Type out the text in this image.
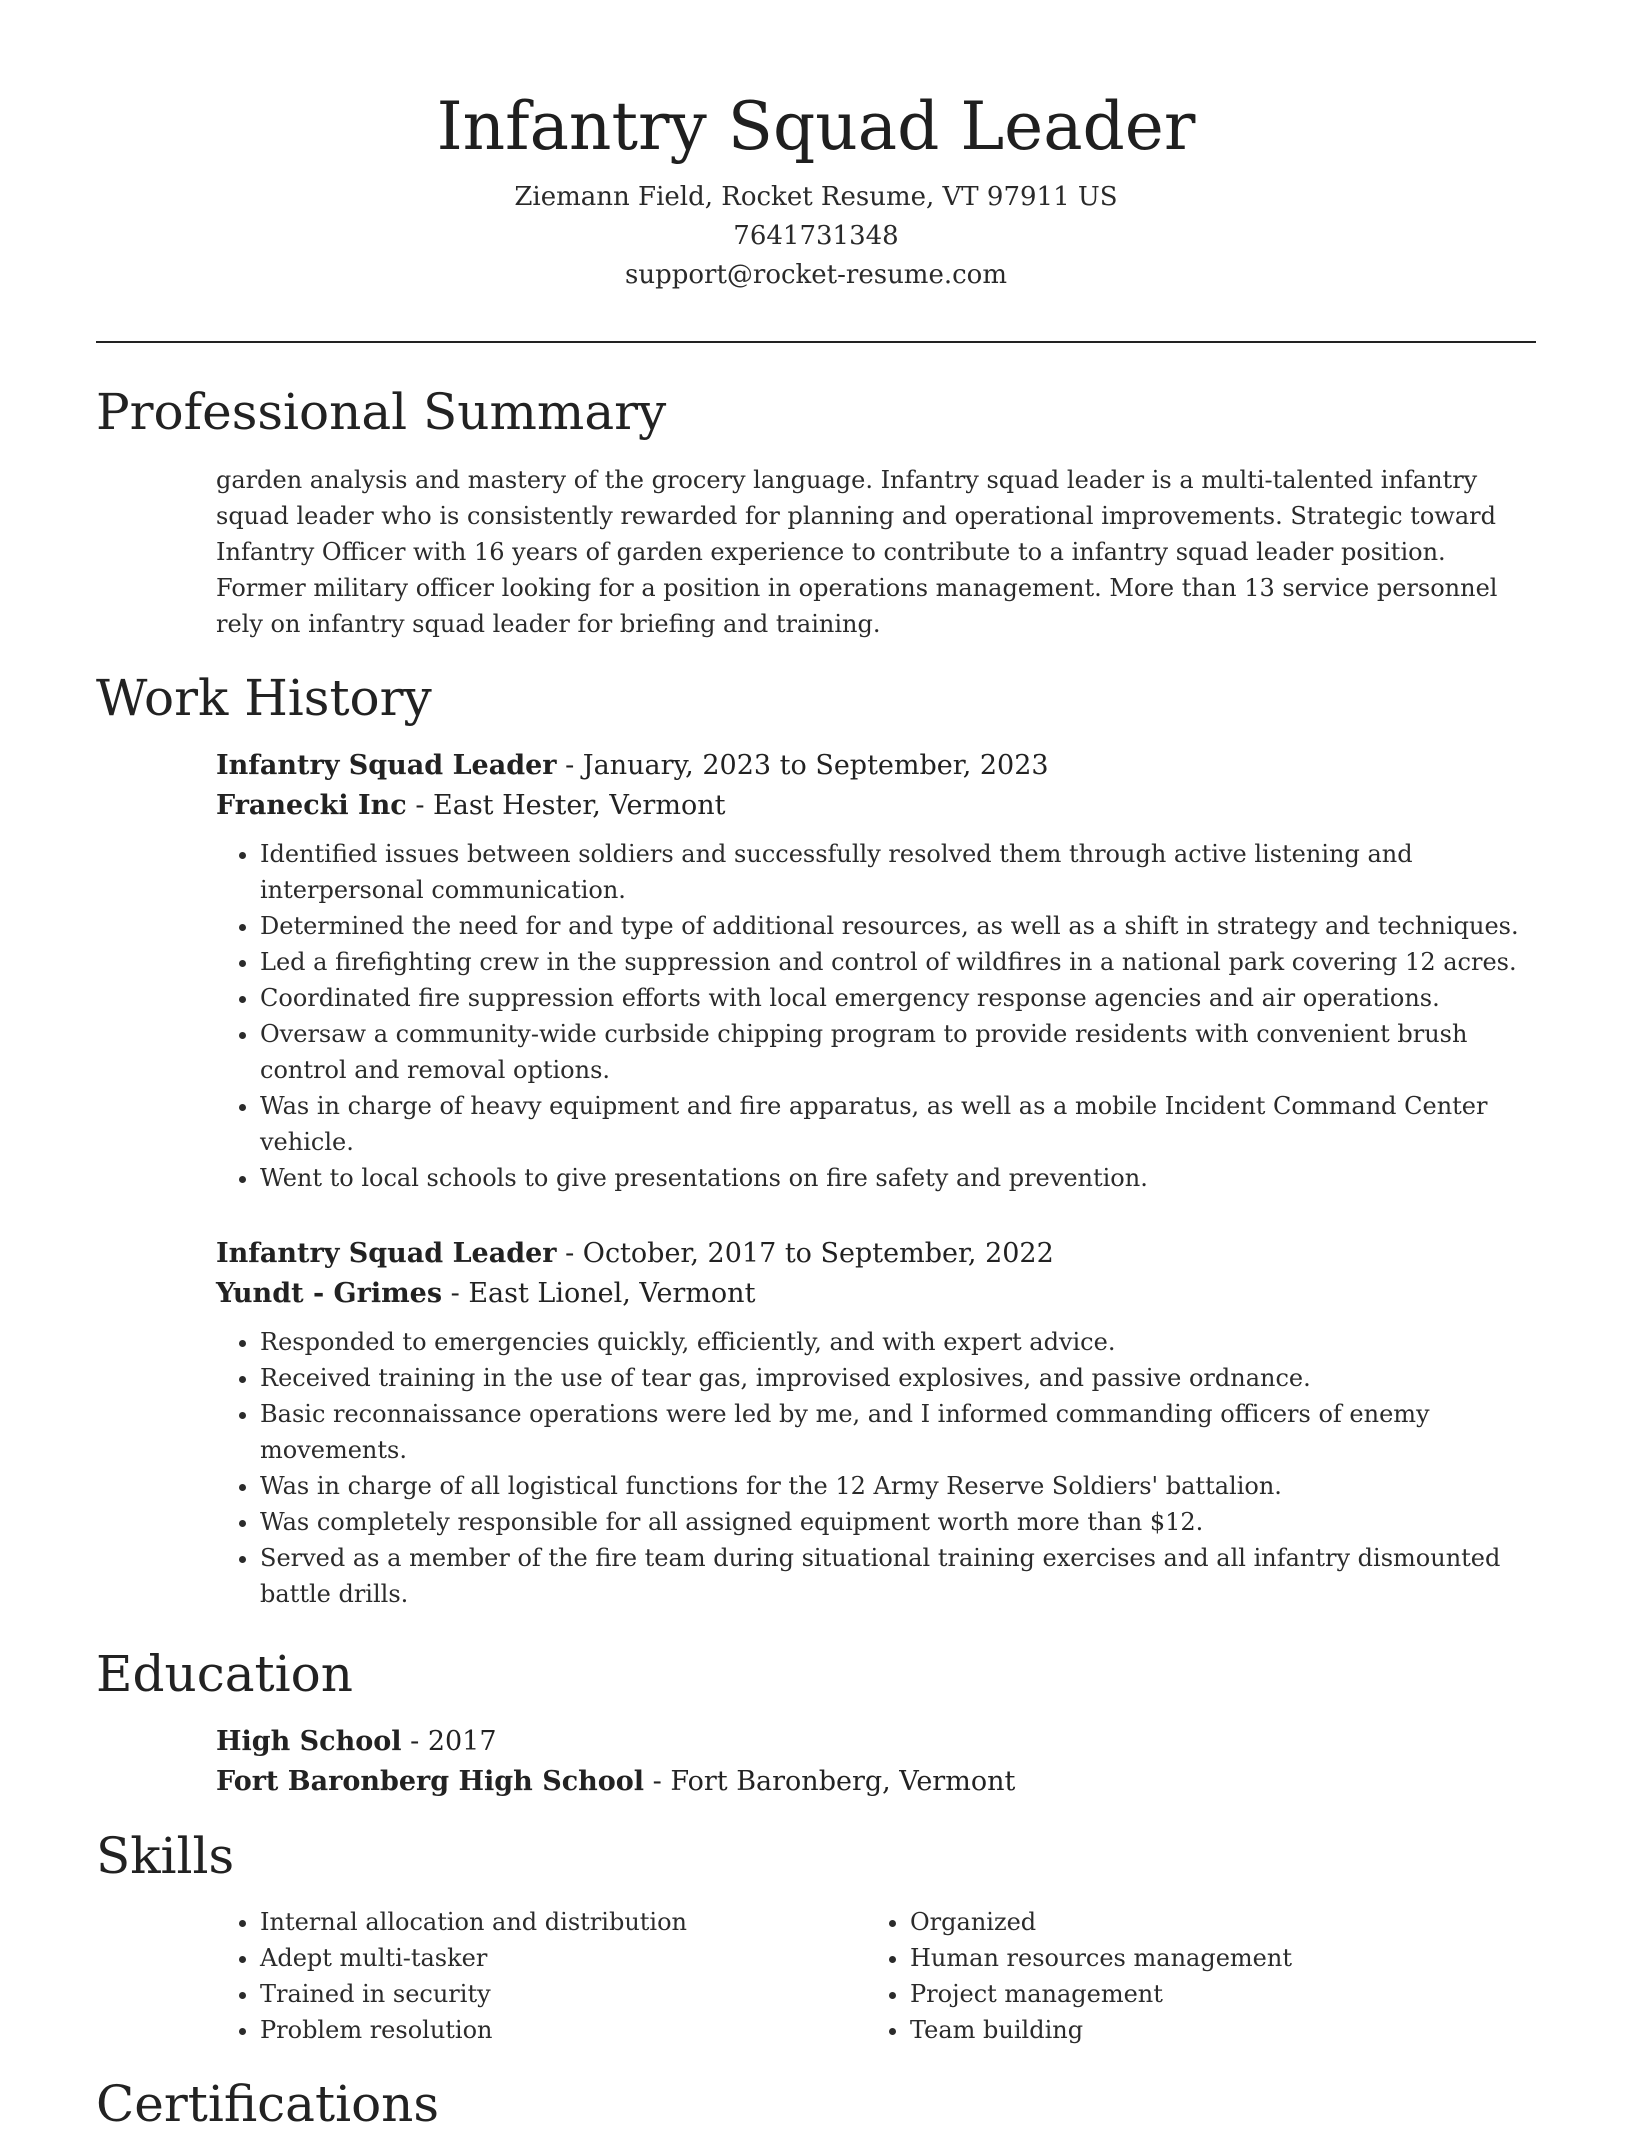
Infantry Squad Leader
Ziemann Field, Rocket Resume, VT 97911 US
7641731348
support@rocket-resume.com
Professional Summary

garden analysis and mastery of the grocery language. Infantry squad leader is a multi-talented infantry squad leader who is consistently rewarded for planning and operational improvements. Strategic toward Infantry Officer with 16 years of garden experience to contribute to a infantry squad leader position. Former military officer looking for a position in operations management. More than 13 service personnel rely on infantry squad leader for briefing and training.

Work History

Infantry Squad Leader - January, 2023 to September, 2023

Franecki Inc - East Hester, Vermont

• Identified issues between soldiers and successfully resolved them through active listening and interpersonal communication.
• Determined the need for and type of additional resources, as well as a shift in strategy and techniques.
• Led a firefighting crew in the suppression and control of wildfires in a national park covering 12 acres.
• Coordinated fire suppression efforts with local emergency response agencies and air operations.
• Oversaw a community-wide curbside chipping program to provide residents with convenient brush control and removal options.
• Was in charge of heavy equipment and fire apparatus, as well as a mobile Incident Command Center vehicle.
• Went to local schools to give presentations on fire safety and prevention.

Infantry Squad Leader - October, 2017 to September, 2022

Yundt - Grimes - East Lionel, Vermont

• Responded to emergencies quickly, efficiently, and with expert advice.
• Received training in the use of tear gas, improvised explosives, and passive ordnance.
• Basic reconnaissance operations were led by me, and I informed commanding officers of enemy movements.
• Was in charge of all logistical functions for the 12 Army Reserve Soldiers' battalion.
• Was completely responsible for all assigned equipment worth more than $12.
• Served as a member of the fire team during situational training exercises and all infantry dismounted battle drills.
Education

High School - 2017

Fort Baronberg High School - Fort Baronberg, Vermont

Skills
• Internal allocation and distribution
• Adept multi-tasker
• Trained in security
• Problem resolution
• Organized
• Human resources management
• Project management
• Team building
Certifications
